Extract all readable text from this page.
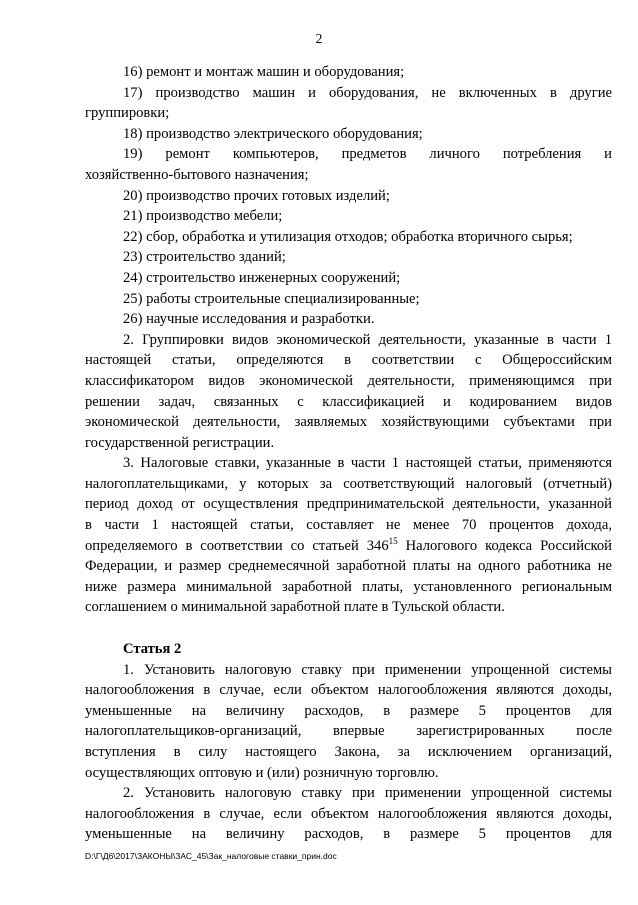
2
16) ремонт и монтаж машин и оборудования;
17) производство машин и оборудования, не включенных в другие
группировки;
18) производство электрического оборудования;
19) ремонт компьютеров, предметов личного потребления и
хозяйственно-бытового назначения;
20) производство прочих готовых изделий;
21) производство мебели;
22) сбор, обработка и утилизация отходов; обработка вторичного сырья;
23) строительство зданий;
24) строительство инженерных сооружений;
25) работы строительные специализированные;
26) научные исследования и разработки.
2. Группировки видов экономической деятельности, указанные в части 1
настоящей статьи, определяются в соответствии с Общероссийским
классификатором видов экономической деятельности, применяющимся при
решении задач, связанных с классификацией и кодированием видов
экономической деятельности, заявляемых хозяйствующими субъектами при
государственной регистрации.
3. Налоговые ставки, указанные в части 1 настоящей статьи, применяются
налогоплательщиками, у которых за соответствующий налоговый (отчетный)
период доход от осуществления предпринимательской деятельности, указанной
в части 1 настоящей статьи, составляет не менее 70 процентов дохода,
определяемого в соответствии со статьей $346^{15}$ Налогового кодекса Российской
Федерации, и размер среднемесячной заработной платы на одного работника не
ниже размера минимальной заработной платы, установленного региональным
соглашением о минимальной заработной плате в Тульской области.
Статья 2
1. Установить налоговую ставку при применении упрощенной системы
налогообложения в случае, если объектом налогообложения являются доходы,
уменьшенные на величину расходов, в размере 5 процентов для
налогоплательщиков-организаций, впервые зарегистрированных после
вступления в силу настоящего Закона, за исключением организаций,
осуществляющих оптовую и (или) розничную торговлю.
2. Установить налоговую ставку при применении упрощенной системы
налогообложения в случае, если объектом налогообложения являются доходы,
уменьшенные на величину расходов, в размере 5 процентов для
D:\Г\Д6\2017\ЗАКОНЫ\ЗАС_45\Зак_налоговые ставки_прин.doc
